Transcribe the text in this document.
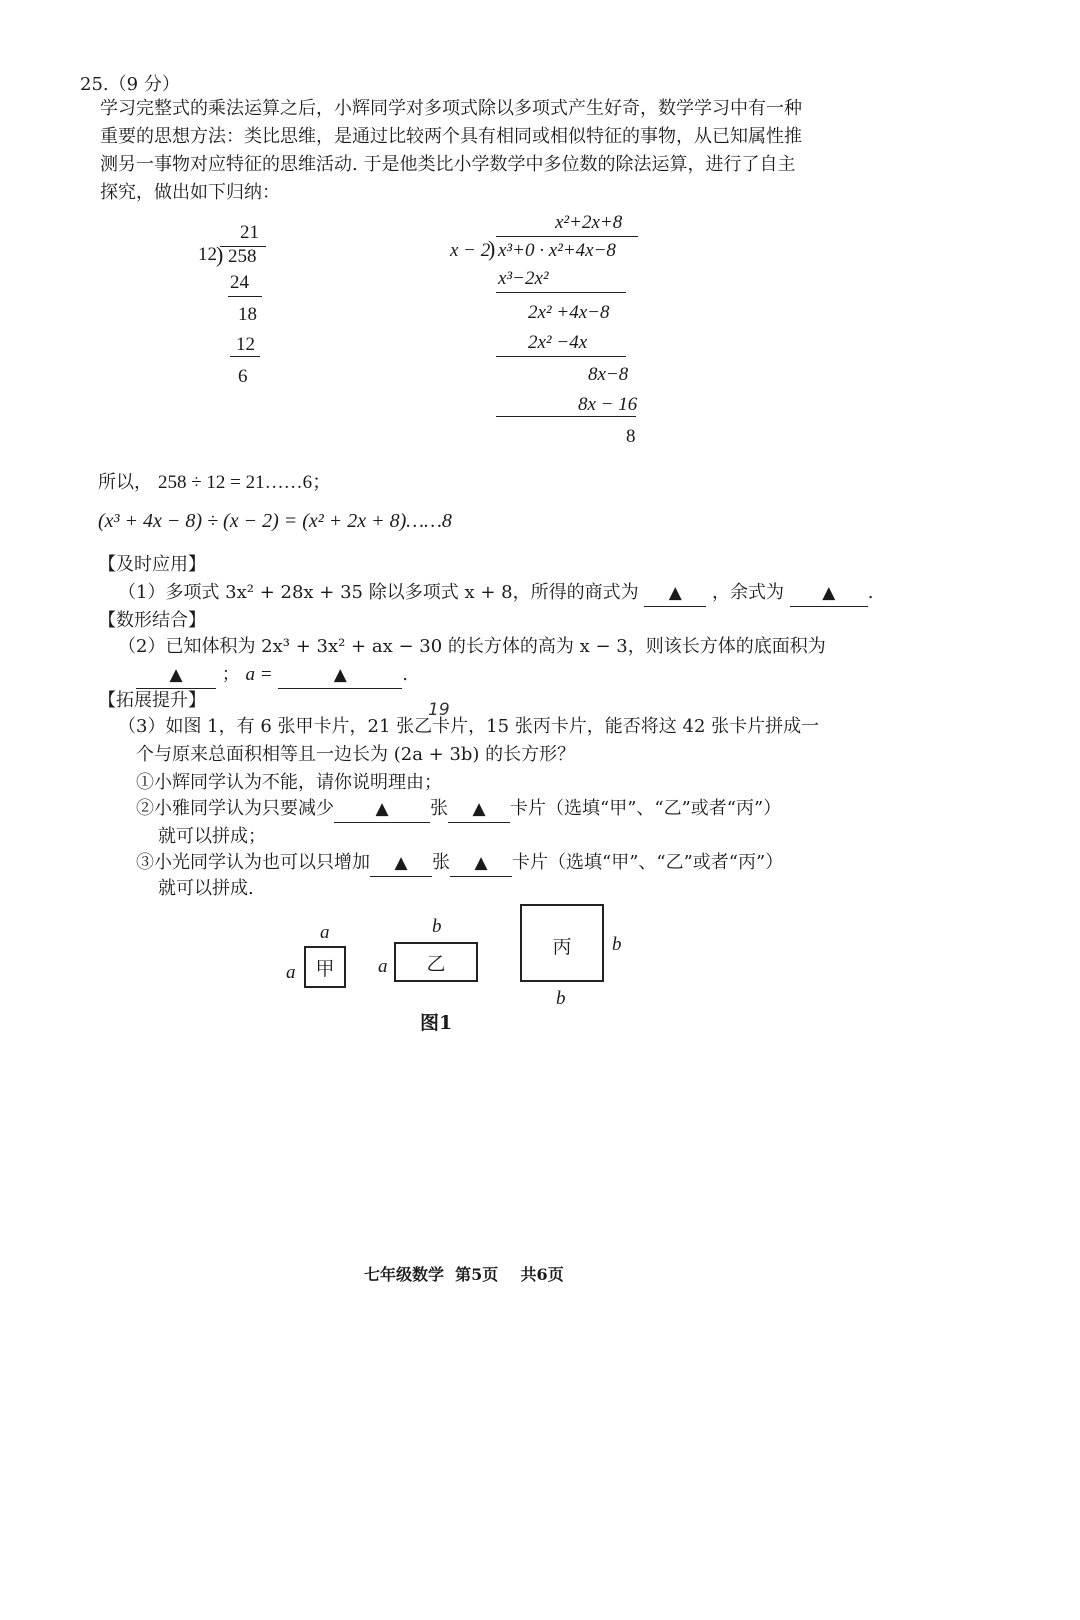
25.（9 分）
学习完整式的乘法运算之后，小辉同学对多项式除以多项式产生好奇，数学学习中有一种
重要的思想方法：类比思维，是通过比较两个具有相同或相似特征的事物，从已知属性推
测另一事物对应特征的思维活动. 于是他类比小学数学中多位数的除法运算，进行了自主
探究，做出如下归纳：
21
12 ) 258
24
18
12
6
x²+2x+8
x − 2
) x³+0 · x²+4x−8
x³−2x²
2x² +4x−8
2x² −4x
8x−8
8x − 16
8
所以， 258 ÷ 12 = 21……6；
(x³ + 4x − 8) ÷ (x − 2) = (x² + 2x + 8)……8
【及时应用】
（1）多项式 3x² + 28x + 35 除以多项式 x + 8，所得的商式为 ▲ ，余式为 ▲ .
【数形结合】
（2）已知体积为 2x³ + 3x² + ax − 30 的长方体的高为 x − 3，则该长方体的底面积为
▲ ； a =	▲	.
【拓展提升】	19
（3）如图 1，有 6 张甲卡片，21 张乙卡片，15 张丙卡片，能否将这 42 张卡片拼成一
个与原来总面积相等且一边长为 (2a + 3b) 的长方形？
①小辉同学认为不能，请你说明理由；
②小雅同学认为只要减少 ▲ 张 ▲ 卡片（选填“甲”、“乙”或者“丙”）
就可以拼成；
③小光同学认为也可以只增加 ▲ 张 ▲ 卡片（选填“甲”、“乙”或者“丙”）
就可以拼成.
a
a 甲
b
a 乙
丙 b
b
图1
七年级数学  第5页    共6页
